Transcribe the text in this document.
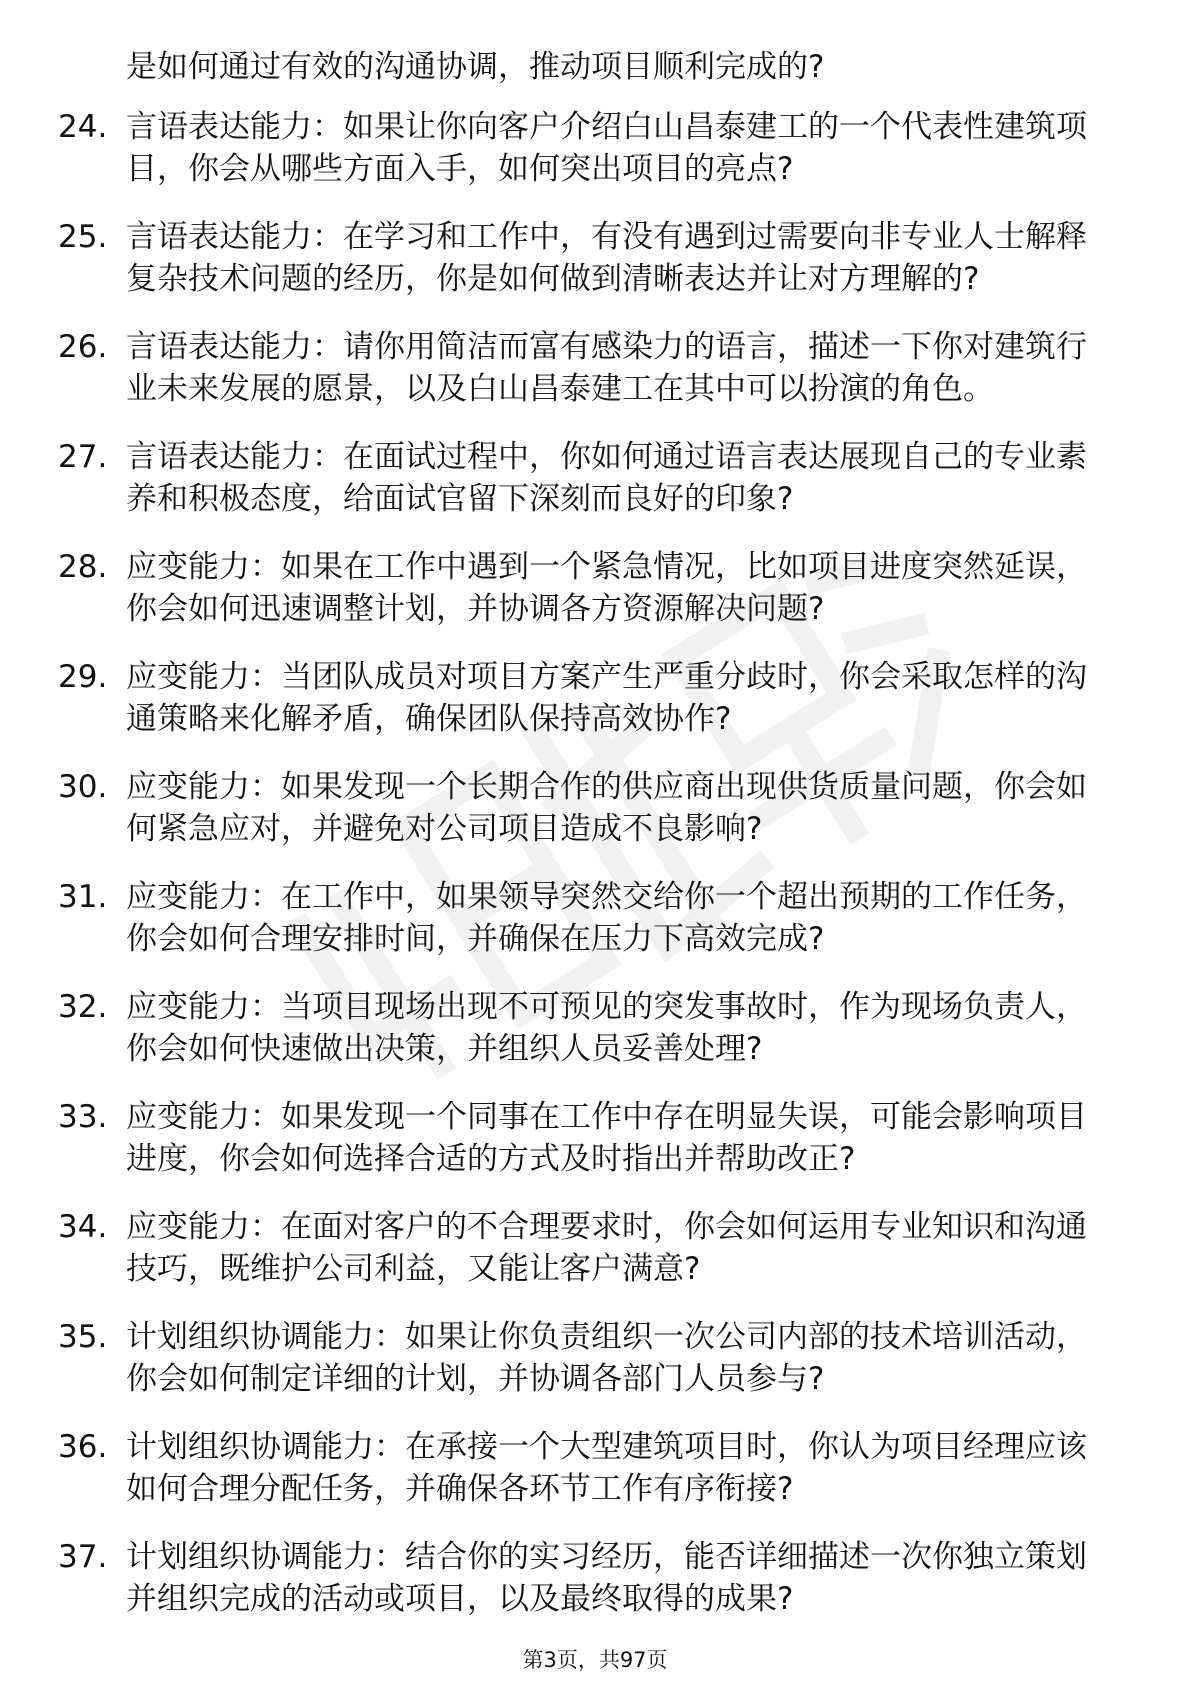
是如何通过有效的沟通协调，推动项目顺利完成的?

24. 言语表达能力：如果让你向客户介绍白山昌泰建工的一个代表性建筑项目，你会从哪些方面入手，如何突出项目的亮点?

25. 言语表达能力：在学习和工作中，有没有遇到过需要向非专业人士解释复杂技术问题的经历，你是如何做到清晰表达并让对方理解的?

26. 言语表达能力：请你用简洁而富有感染力的语言，描述一下你对建筑行业未来发展的愿景，以及白山昌泰建工在其中可以扮演的角色。

27. 言语表达能力：在面试过程中，你如何通过语言表达展现自己的专业素养和积极态度，给面试官留下深刻而良好的印象?

28. 应变能力：如果在工作中遇到一个紧急情况，比如项目进度突然延误，你会如何迅速调整计划，并协调各方资源解决问题?

29. 应变能力：当团队成员对项目方案产生严重分歧时，你会采取怎样的沟通策略来化解矛盾，确保团队保持高效协作?

30. 应变能力：如果发现一个长期合作的供应商出现供货质量问题，你会如何紧急应对，并避免对公司项目造成不良影响?

31. 应变能力：在工作中，如果领导突然交给你一个超出预期的工作任务，你会如何合理安排时间，并确保在压力下高效完成?

32. 应变能力：当项目现场出现不可预见的突发事故时，作为现场负责人，你会如何快速做出决策，并组织人员妥善处理?

33. 应变能力：如果发现一个同事在工作中存在明显失误，可能会影响项目进度，你会如何选择合适的方式及时指出并帮助改正?

34. 应变能力：在面对客户的不合理要求时，你会如何运用专业知识和沟通技巧，既维护公司利益，又能让客户满意?

35. 计划组织协调能力：如果让你负责组织一次公司内部的技术培训活动，你会如何制定详细的计划，并协调各部门人员参与?

36. 计划组织协调能力：在承接一个大型建筑项目时，你认为项目经理应该如何合理分配任务，并确保各环节工作有序衔接?

37. 计划组织协调能力：结合你的实习经历，能否详细描述一次你独立策划并组织完成的活动或项目，以及最终取得的成果?

第3页，共97页
